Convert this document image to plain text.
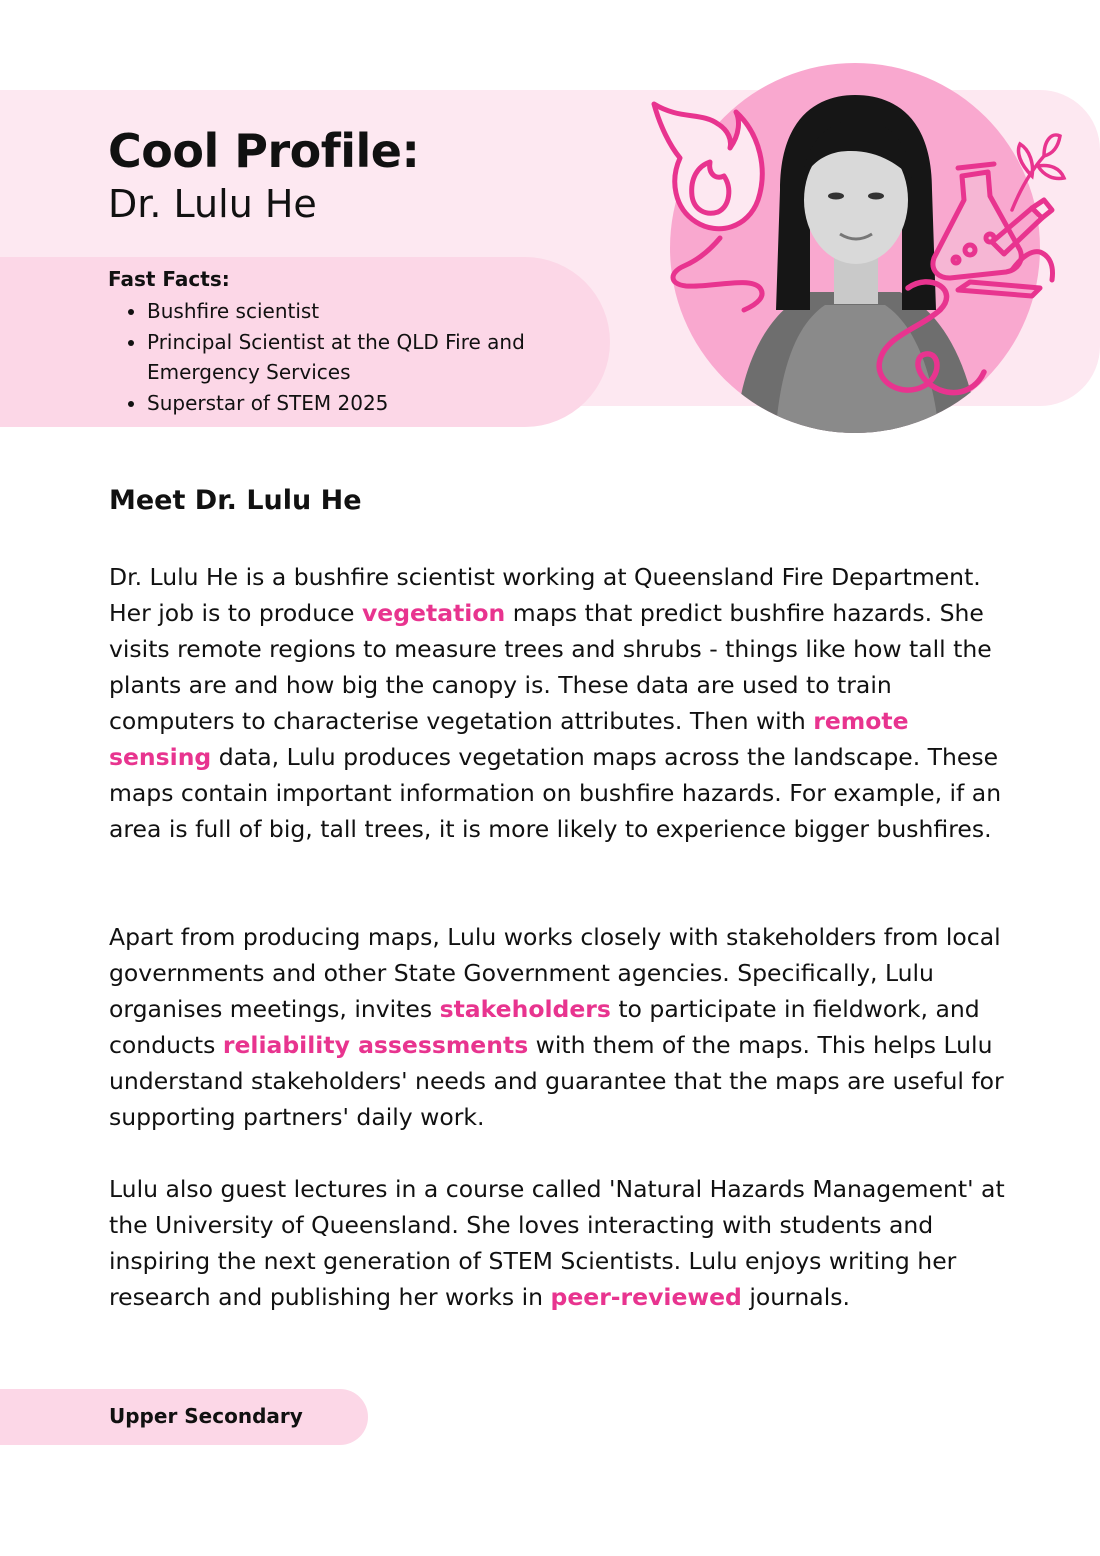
Cool Profile:
Dr. Lulu He
Fast Facts:
• Bushfire scientist
• Principal Scientist at the QLD Fire and Emergency Services
• Superstar of STEM 2025
Meet Dr. Lulu He

Dr. Lulu He is a bushfire scientist working at Queensland Fire Department. Her job is to produce vegetation maps that predict bushfire hazards. She visits remote regions to measure trees and shrubs - things like how tall the plants are and how big the canopy is. These data are used to train computers to characterise vegetation attributes. Then with remote sensing data, Lulu produces vegetation maps across the landscape. These maps contain important information on bushfire hazards. For example, if an area is full of big, tall trees, it is more likely to experience bigger bushfires.

Apart from producing maps, Lulu works closely with stakeholders from local governments and other State Government agencies. Specifically, Lulu organises meetings, invites stakeholders to participate in fieldwork, and conducts reliability assessments with them of the maps. This helps Lulu understand stakeholders' needs and guarantee that the maps are useful for supporting partners' daily work.

Lulu also guest lectures in a course called 'Natural Hazards Management' at the University of Queensland. She loves interacting with students and inspiring the next generation of STEM Scientists. Lulu enjoys writing her research and publishing her works in peer-reviewed journals.

Upper Secondary
